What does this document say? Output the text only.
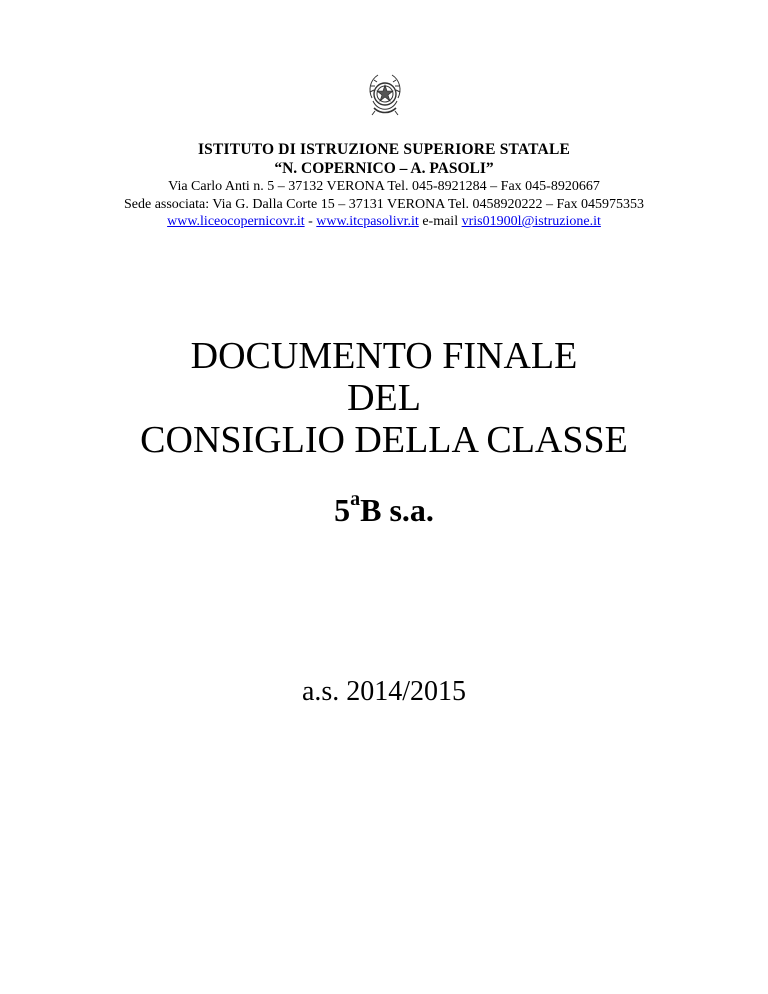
ISTITUTO DI ISTRUZIONE SUPERIORE STATALE
“N. COPERNICO – A. PASOLI”
Via Carlo Anti n. 5 – 37132 VERONA Tel. 045-8921284 – Fax 045-8920667
Sede associata: Via G. Dalla Corte 15 – 37131 VERONA Tel. 0458920222 – Fax 045975353
www.liceocopernicovr.it - www.itcpasolivr.it e-mail vris01900l@istruzione.it
DOCUMENTO FINALE
DEL
CONSIGLIO DELLA CLASSE
5$^a$B s.a.
a.s. 2014/2015
